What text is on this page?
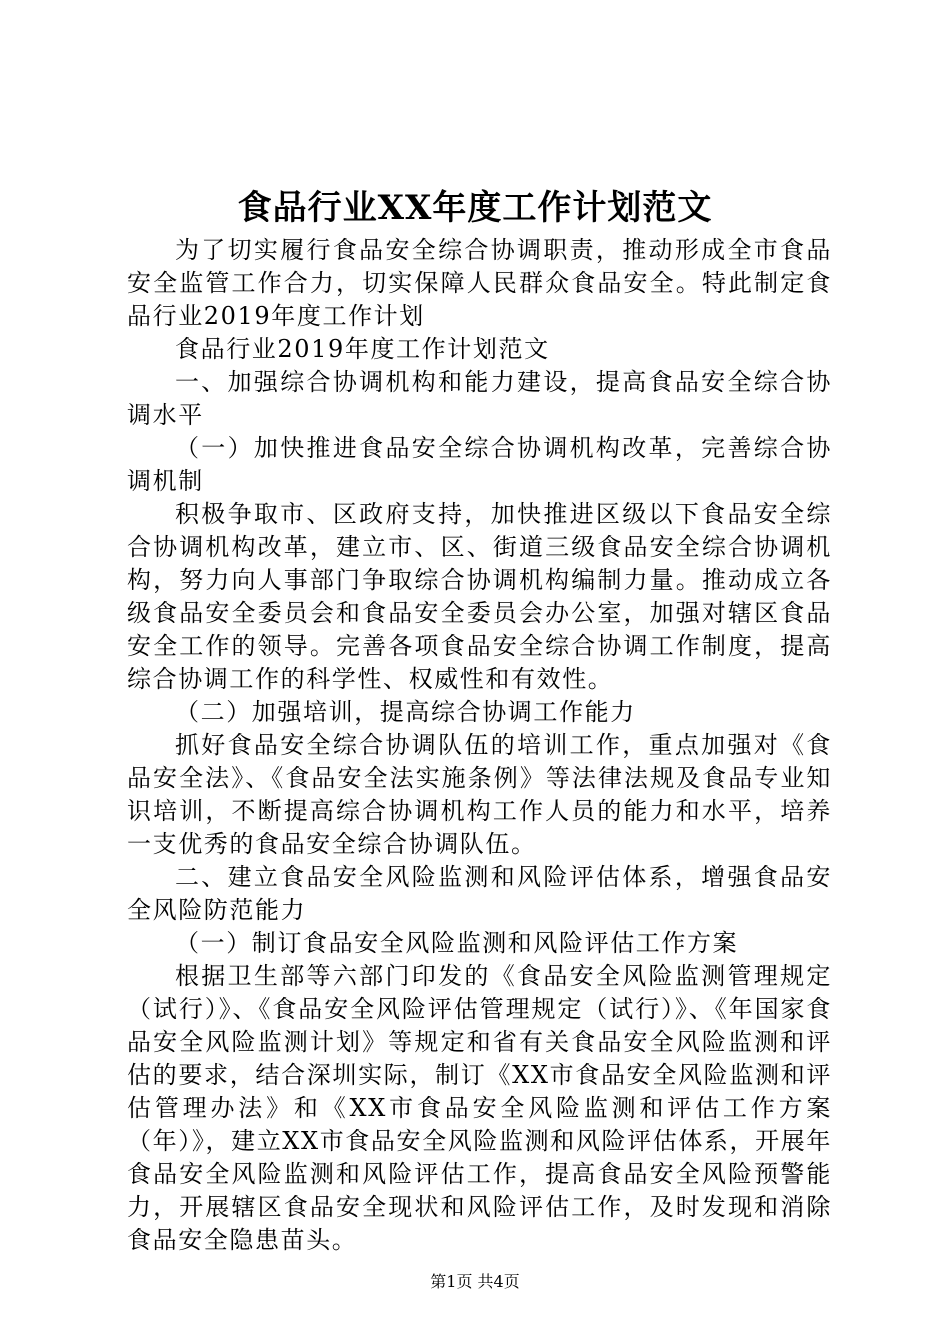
食品行业XX年度工作计划范文

为了切实履行食品安全综合协调职责，推动形成全市食品安全监管工作合力，切实保障人民群众食品安全。特此制定食品行业2019年度工作计划

食品行业2019年度工作计划范文

一、加强综合协调机构和能力建设，提高食品安全综合协调水平

（一）加快推进食品安全综合协调机构改革，完善综合协调机制

积极争取市、区政府支持，加快推进区级以下食品安全综合协调机构改革，建立市、区、街道三级食品安全综合协调机构，努力向人事部门争取综合协调机构编制力量。推动成立各级食品安全委员会和食品安全委员会办公室，加强对辖区食品安全工作的领导。完善各项食品安全综合协调工作制度，提高综合协调工作的科学性、权威性和有效性。

（二）加强培训，提高综合协调工作能力

抓好食品安全综合协调队伍的培训工作，重点加强对《食品安全法》、《食品安全法实施条例》等法律法规及食品专业知识培训，不断提高综合协调机构工作人员的能力和水平，培养一支优秀的食品安全综合协调队伍。

二、建立食品安全风险监测和风险评估体系，增强食品安全风险防范能力

（一）制订食品安全风险监测和风险评估工作方案

根据卫生部等六部门印发的《食品安全风险监测管理规定（试行）》、《食品安全风险评估管理规定（试行）》、《年国家食品安全风险监测计划》等规定和省有关食品安全风险监测和评估的要求，结合深圳实际，制订《XX市食品安全风险监测和评估管理办法》和《XX市食品安全风险监测和评估工作方案（年）》，建立XX市食品安全风险监测和风险评估体系，开展年食品安全风险监测和风险评估工作，提高食品安全风险预警能力，开展辖区食品安全现状和风险评估工作，及时发现和消除食品安全隐患苗头。

第1页 共4页
